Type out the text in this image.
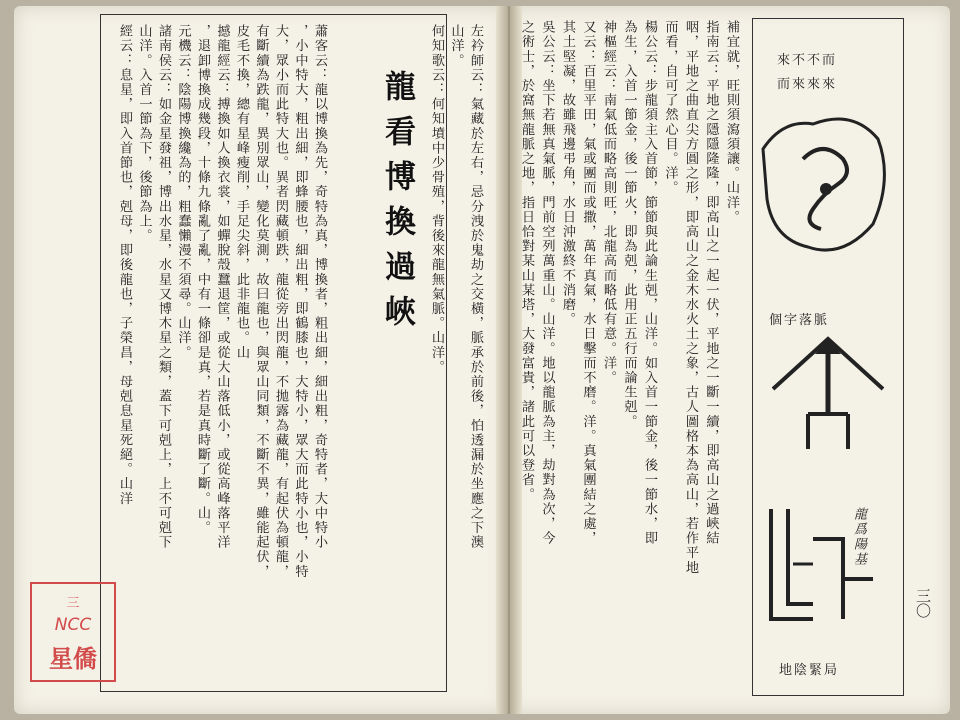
龍看博換過峽	左衿師云：氣藏於左右，忌分洩於鬼劫之交橫，脈承於前後，怕透漏於坐應之下澳
山洋。
何知歌云：何知墳中少骨殖，背後來龍無氣脈。山洋。
蕭客云：龍以博換為先，奇特為真，博換者，粗出細，細出粗，奇特者，大中特小
，小中特大，粗出細，即蜂腰也，細出粗，即鶴膝也，大特小，眾大而此特小也，小特
大，眾小而此特大也。異者閃藏頓跌，龍從旁出閃龍，不拋露為藏龍，有起伏為頓龍，
有斷續為跌龍，異別眾山，變化莫測，故曰龍也，與眾山同類，不斷不異，雖能起伏，
皮毛不換，總有星峰瘦削，手足尖斜，此非龍也。山
撼龍經云：搏換如人換衣裳，如蟬脫殼蠶退筐，或從大山落低小，或從高峰落平洋
，退卸博換成幾段，十條九條亂了亂，中有一條卻是真，若是真時斷了斷。山。
元機云：陰陽博換纔為的，粗蠢懶漫不須尋。山洋。
諸南侯云：如金星發祖，博出水星，水星又博木星之類，蓋下可剋上，上不可剋下
山洋。入首一節為下，後節為上。
經云：息星，即入首節也，剋母，即後龍也，子榮昌，母剋息星死絕。山洋	補宜就，旺則須瀉須讓。山洋。
指南云：平地之隱隱隆隆，即高山之一起一伏，平地之一斷一續，即高山之過峽結
咽，平地之曲直尖方圓之形，即高山之金木水火土之象，古人圖格本為高山，若作平地
而看，自可了然心目。洋。
楊公云：步龍須主入首節，節節與此論生剋，山洋。如入首一節金，後一節水，即
為生，入首一節金，後一節火，即為剋，此用正五行而論生剋。
神樞經云：南氣低而略高則旺，北龍高而略低有意。洋。
又云：百里平田，氣或團而或撒，萬年真氣，水日擊而不磨。洋。真氣團結之處，
其土堅凝，故雖飛邊弔角，水日沖激終不消磨。
吳公云：坐下若無真氣脈，門前空列萬重山。山洋。地以龍脈為主，劫對為次，今
之術士，於窩無龍脈之地，指日恰對某山某塔，大發富貴，諸此可以登省。
三〇
來不不而
而來來來
個字落脈
龍爲陽基
地陰緊局
三
NCC
星僑
